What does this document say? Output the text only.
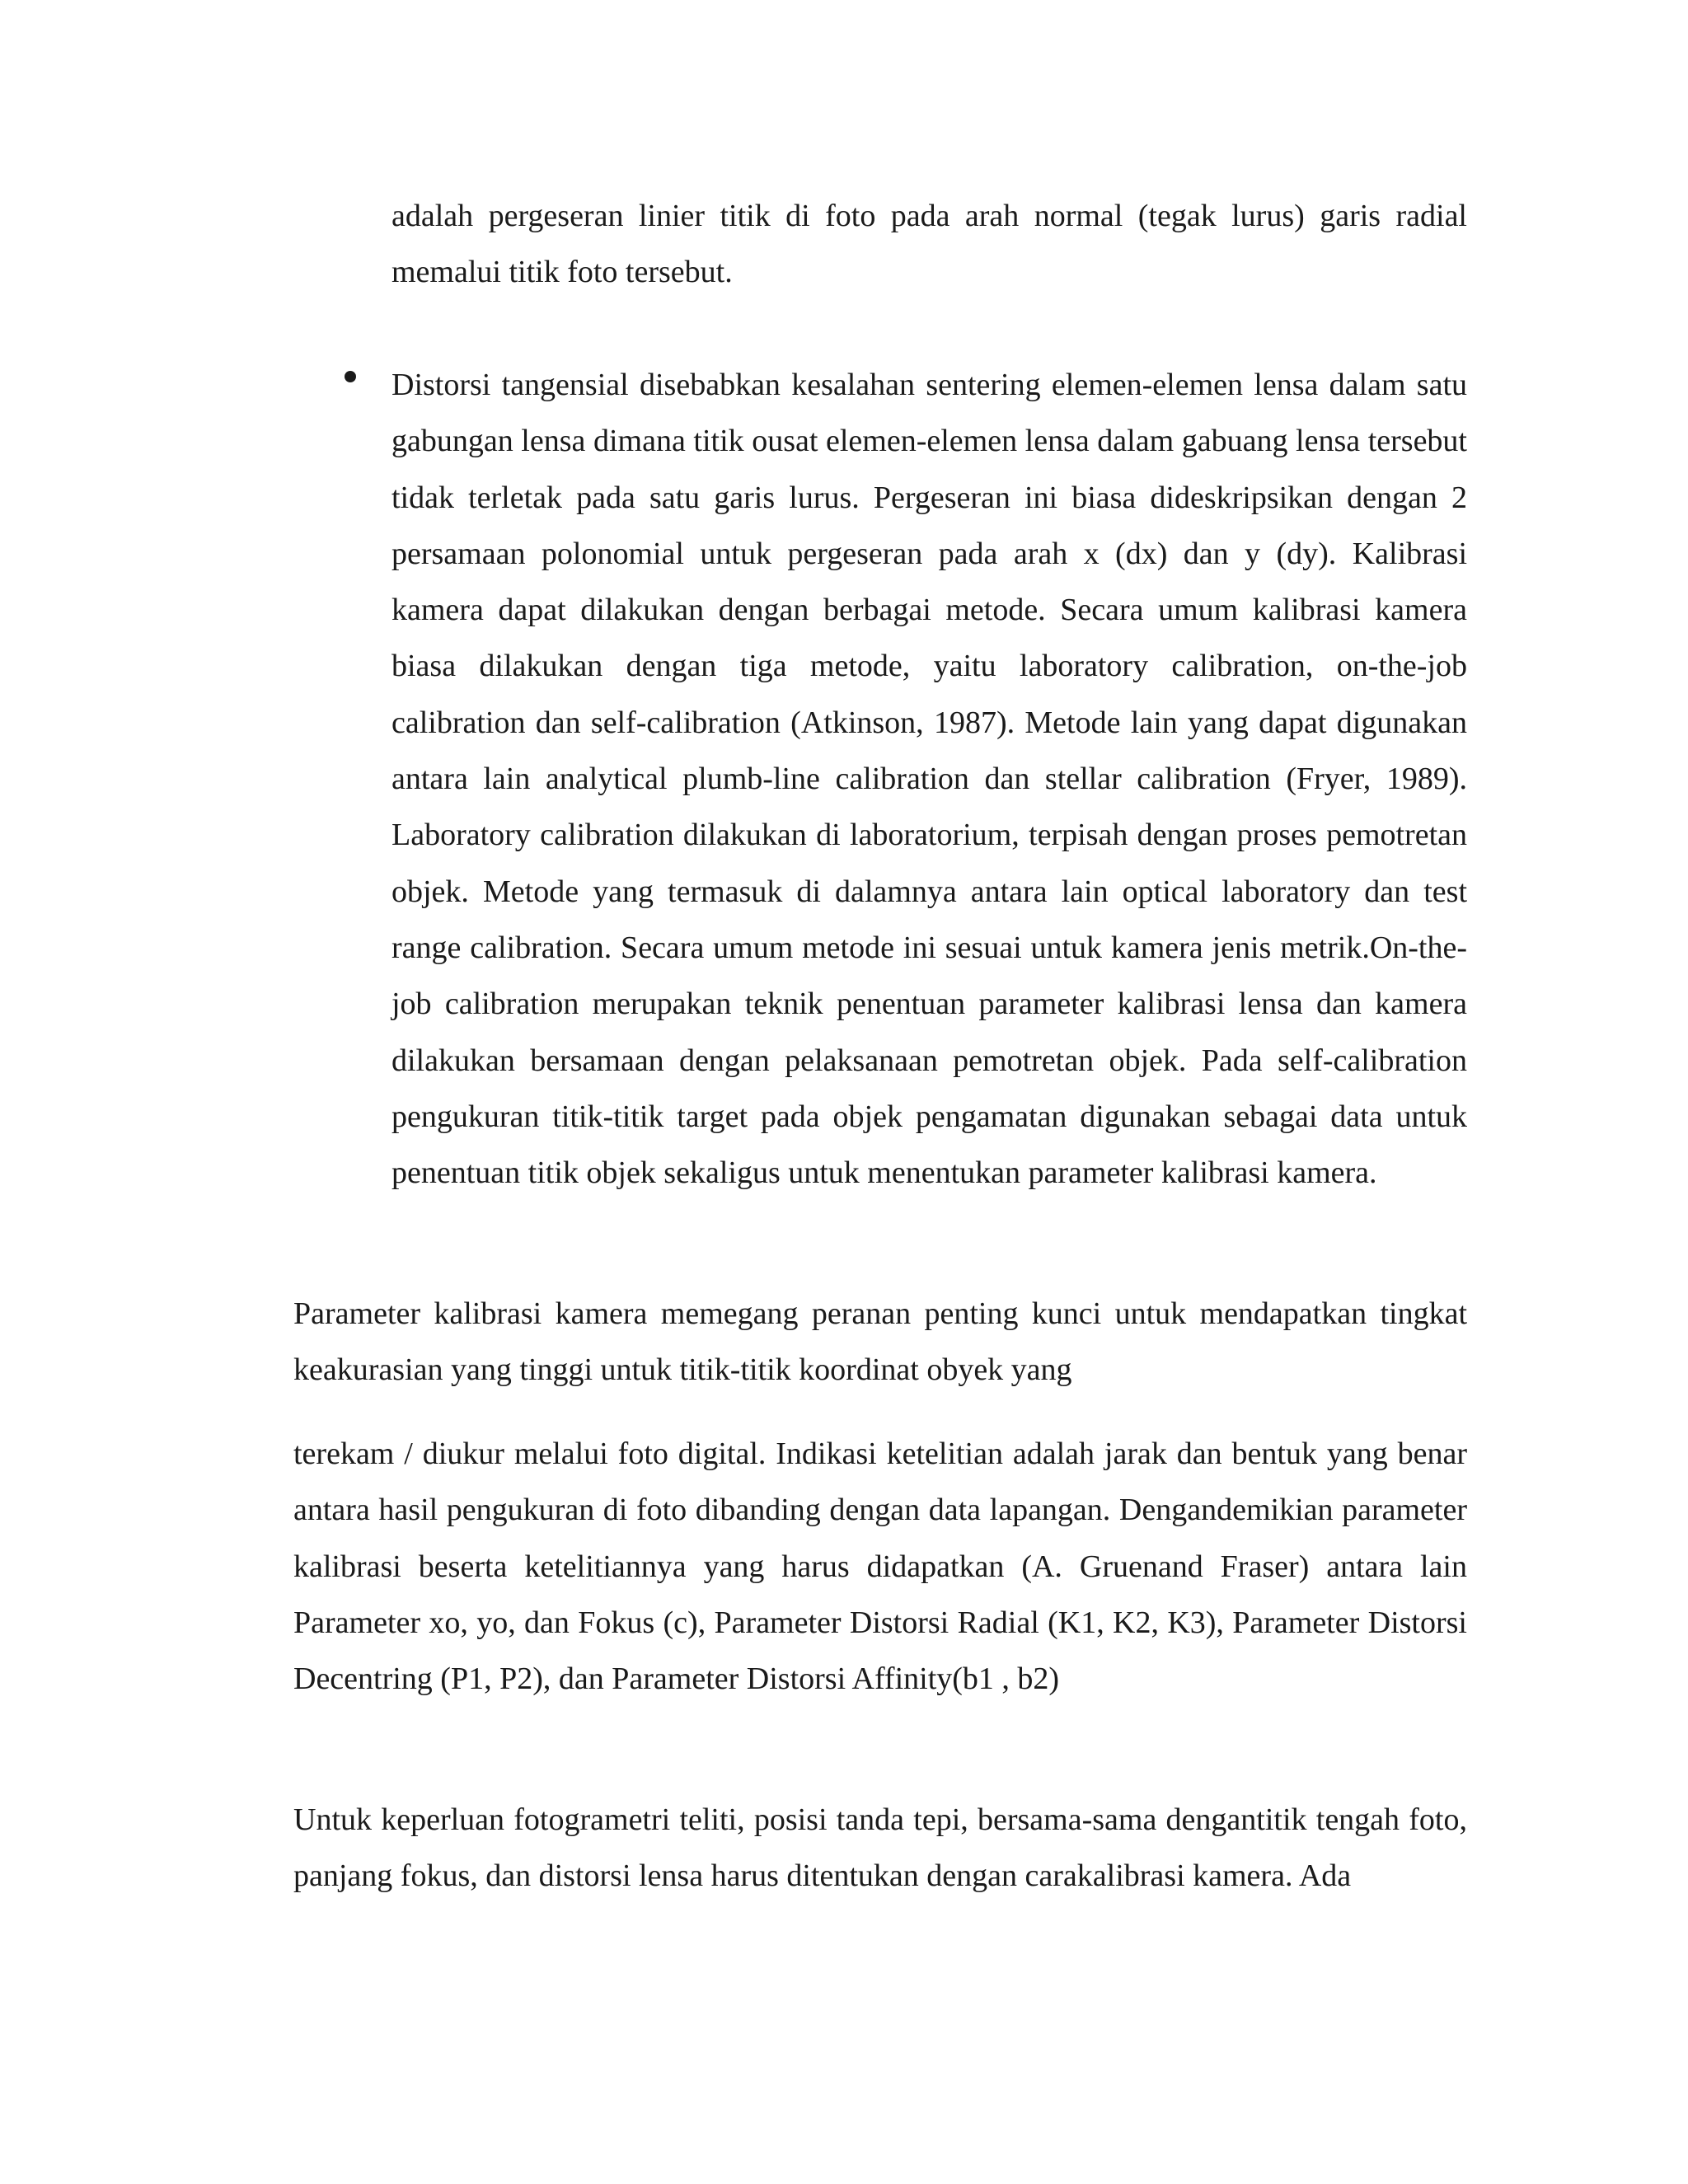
adalah pergeseran linier titik di foto pada arah normal (tegak lurus) garis radial memalui titik foto tersebut.

Distorsi tangensial disebabkan kesalahan sentering elemen-elemen lensa dalam satu gabungan lensa dimana titik ousat elemen-elemen lensa dalam gabuang lensa tersebut tidak terletak pada satu garis lurus. Pergeseran ini biasa dideskripsikan dengan 2 persamaan polonomial untuk pergeseran pada arah x (dx) dan y (dy). Kalibrasi kamera dapat dilakukan dengan berbagai metode. Secara umum kalibrasi kamera biasa dilakukan dengan tiga metode, yaitu laboratory calibration, on-the-job calibration dan self-calibration (Atkinson, 1987). Metode lain yang dapat digunakan antara lain analytical plumb-line calibration dan stellar calibration (Fryer, 1989). Laboratory calibration dilakukan di laboratorium, terpisah dengan proses pemotretan objek. Metode yang termasuk di dalamnya antara lain optical laboratory dan test range calibration. Secara umum metode ini sesuai untuk kamera jenis metrik.On-the-job calibration merupakan teknik penentuan parameter kalibrasi lensa dan kamera dilakukan bersamaan dengan pelaksanaan pemotretan objek. Pada self-calibration pengukuran titik-titik target pada objek pengamatan digunakan sebagai data untuk penentuan titik objek sekaligus untuk menentukan parameter kalibrasi kamera.

Parameter kalibrasi kamera memegang peranan penting kunci untuk mendapatkan tingkat keakurasian yang tinggi untuk titik-titik koordinat obyek yang

terekam / diukur melalui foto digital. Indikasi ketelitian adalah jarak dan bentuk yang benar antara hasil pengukuran di foto dibanding dengan data lapangan. Dengandemikian parameter kalibrasi beserta ketelitiannya yang harus didapatkan (A. Gruenand Fraser) antara lain Parameter xo, yo, dan Fokus (c), Parameter Distorsi Radial (K1, K2, K3), Parameter Distorsi Decentring (P1, P2), dan Parameter Distorsi Affinity(b1 , b2)

Untuk keperluan fotogrametri teliti, posisi tanda tepi, bersama-sama dengantitik tengah foto, panjang fokus, dan distorsi lensa harus ditentukan dengan carakalibrasi kamera. Ada
